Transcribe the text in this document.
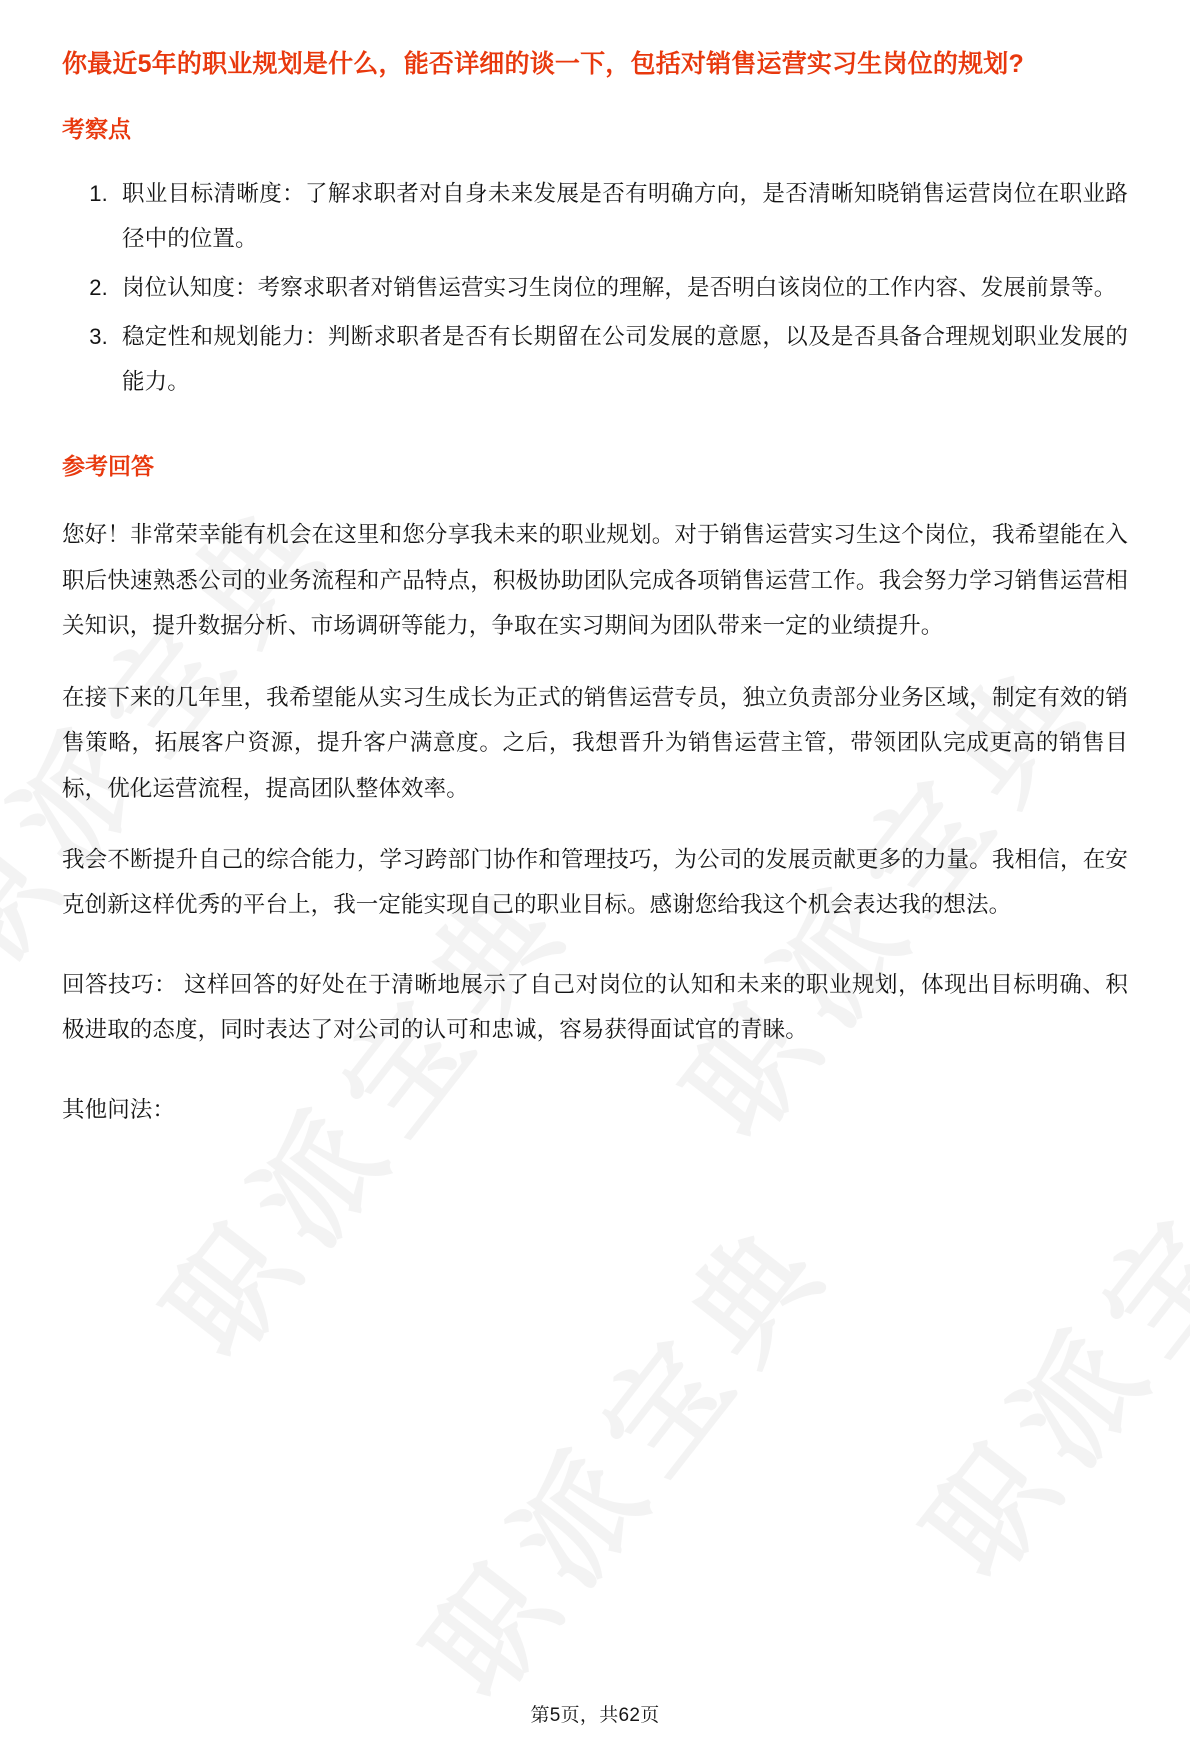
你最近5年的职业规划是什么，能否详细的谈一下，包括对销售运营实习生岗位的规划?
考察点
1. 职业目标清晰度：了解求职者对自身未来发展是否有明确方向，是否清晰知晓销售运营岗位在职业路径中的位置。
2. 岗位认知度：考察求职者对销售运营实习生岗位的理解，是否明白该岗位的工作内容、发展前景等。
3. 稳定性和规划能力：判断求职者是否有长期留在公司发展的意愿，以及是否具备合理规划职业发展的能力。
参考回答

您好！非常荣幸能有机会在这里和您分享我未来的职业规划。对于销售运营实习生这个岗位，我希望能在入职后快速熟悉公司的业务流程和产品特点，积极协助团队完成各项销售运营工作。我会努力学习销售运营相关知识，提升数据分析、市场调研等能力，争取在实习期间为团队带来一定的业绩提升。

在接下来的几年里，我希望能从实习生成长为正式的销售运营专员，独立负责部分业务区域，制定有效的销售策略，拓展客户资源，提升客户满意度。之后，我想晋升为销售运营主管，带领团队完成更高的销售目标，优化运营流程，提高团队整体效率。

我会不断提升自己的综合能力，学习跨部门协作和管理技巧，为公司的发展贡献更多的力量。我相信，在安克创新这样优秀的平台上，我一定能实现自己的职业目标。感谢您给我这个机会表达我的想法。

回答技巧： 这样回答的好处在于清晰地展示了自己对岗位的认知和未来的职业规划，体现出目标明确、积极进取的态度，同时表达了对公司的认可和忠诚，容易获得面试官的青睐。

其他问法：

第5页，共62页
